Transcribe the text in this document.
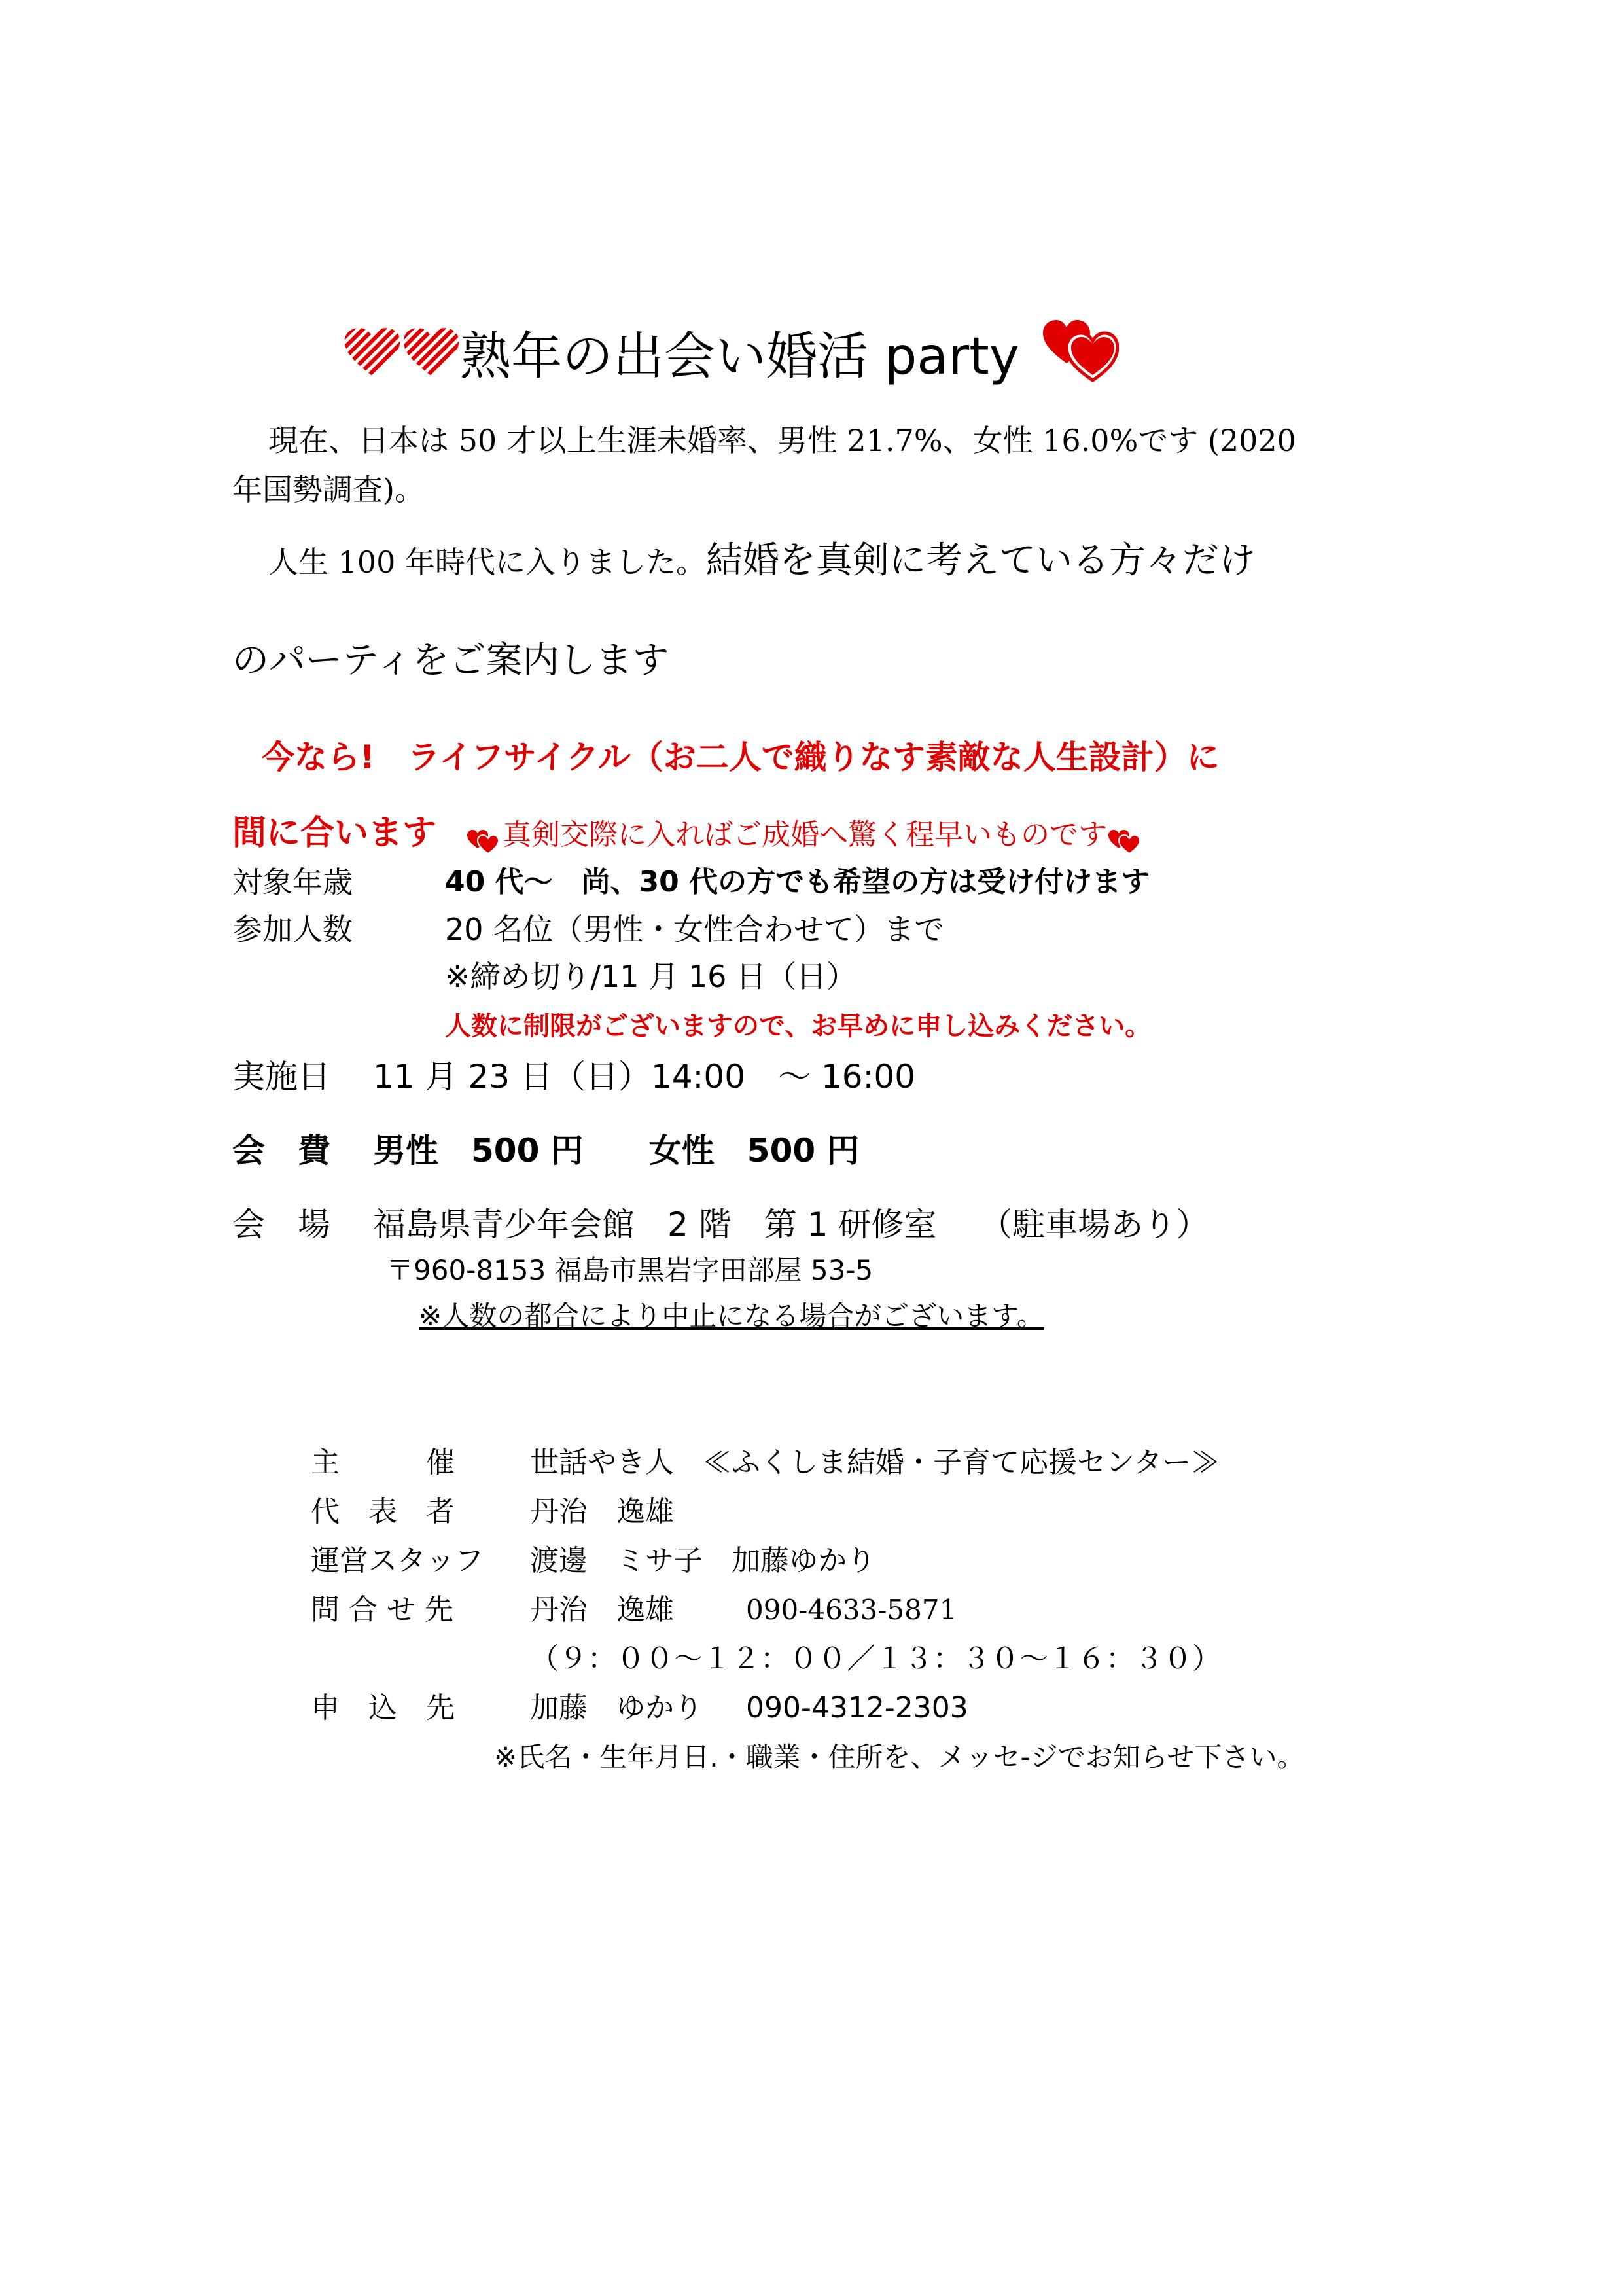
熟年の出会い婚活 party
現在、日本は 50 才以上生涯未婚率、男性 21.7%、女性 16.0%です (2020
年国勢調査)。
人生 100 年時代に入りました。結婚を真剣に考えている方々だけ
のパーティをご案内します
今なら!　ライフサイクル（お二人で織りなす素敵な人生設計）に
間に合います 真剣交際に入ればご成婚へ驚く程早いものです
対象年歳	40 代～　尚、30 代の方でも希望の方は受け付けます
参加人数	20 名位（男性・女性合わせて）まで
※締め切り/11 月 16 日（日）
人数に制限がございますので、お早めに申し込みください。
実施日 11 月 23 日（日）14:00　～ 16:00
会　費 男性　500 円　　女性　500 円
会　場 福島県青少年会館　2 階　第 1 研修室　 （駐車場あり）
〒960-8153 福島市黒岩字田部屋 53-5
※人数の都合により中止になる場合がございます。
主　　　催	世話やき人　≪ふくしま結婚・子育て応援センター≫
代　表　者	丹治　逸雄
運営スタッフ 渡邊　ミサ子　加藤ゆかり
問 合 せ 先	丹治　逸雄	090-4633-5871
（９：００～１２：００／１３：３０～１６：３０）
申　込　先	加藤　ゆかり 090-4312-2303
※氏名・生年月日.・職業・住所を、メッセ-ジでお知らせ下さい。
